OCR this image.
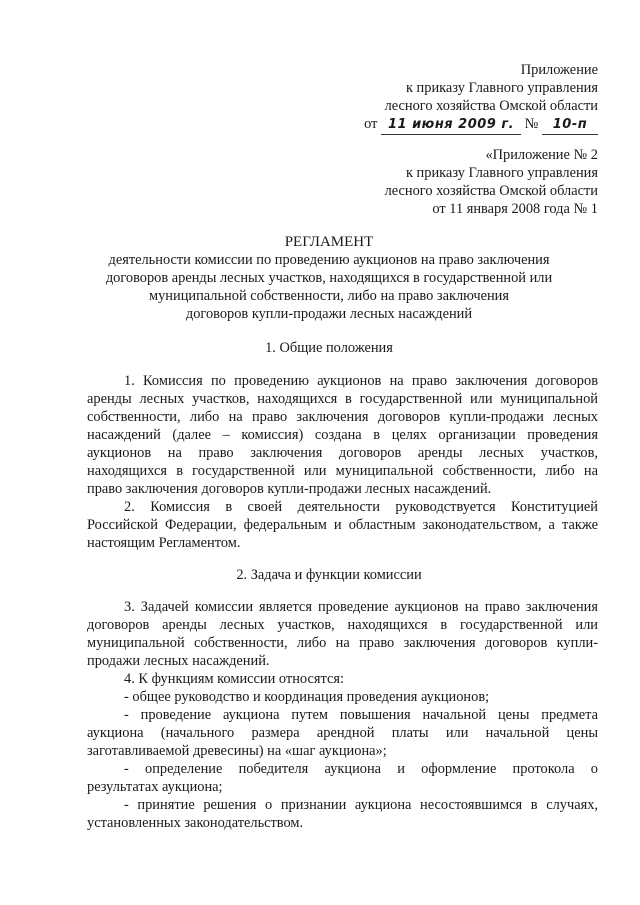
Приложение
к приказу Главного управления
лесного хозяйства Омской области
от 11 июня 2009 г. № 10-п
«Приложение № 2
к приказу Главного управления
лесного хозяйства Омской области
от 11 января 2008 года № 1
РЕГЛАМЕНТ
деятельности комиссии по проведению аукционов на право заключения
договоров аренды лесных участков, находящихся в государственной или
муниципальной собственности, либо на право заключения
договоров купли-продажи лесных насаждений
1. Общие положения
1. Комиссия по проведению аукционов на право заключения договоров
аренды лесных участков, находящихся в государственной или муниципальной
собственности, либо на право заключения договоров купли-продажи лесных
насаждений (далее – комиссия) создана в целях организации проведения
аукционов на право заключения договоров аренды лесных участков,
находящихся в государственной или муниципальной собственности, либо на
право заключения договоров купли-продажи лесных насаждений.
2. Комиссия в своей деятельности руководствуется Конституцией
Российской Федерации, федеральным и областным законодательством, а также
настоящим Регламентом.
2. Задача и функции комиссии
3. Задачей комиссии является проведение аукционов на право заключения
договоров аренды лесных участков, находящихся в государственной или
муниципальной собственности, либо на право заключения договоров купли-
продажи лесных насаждений.
4. К функциям комиссии относятся:
- общее руководство и координация проведения аукционов;
- проведение аукциона путем повышения начальной цены предмета
аукциона (начального размера арендной платы или начальной цены
заготавливаемой древесины) на «шаг аукциона»;
- определение победителя аукциона и оформление протокола о
результатах аукциона;
- принятие решения о признании аукциона несостоявшимся в случаях,
установленных законодательством.
